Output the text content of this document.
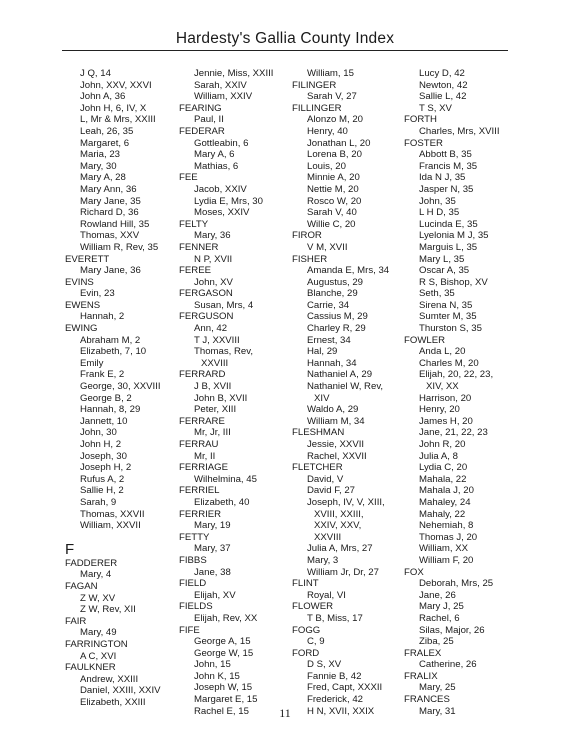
Hardesty's Gallia County Index
J Q, 14
John, XXV, XXVI
John A, 36
John H, 6, IV, X
L, Mr & Mrs, XXIII
Leah, 26, 35
Margaret, 6
Maria, 23
Mary, 30
Mary A, 28
Mary Ann, 36
Mary Jane, 35
Richard D, 36
Rowland Hill, 35
Thomas, XXV
William R, Rev, 35
EVERETT
Mary Jane, 36
EVINS
Evin, 23
EWENS
Hannah, 2
EWING
Abraham M, 2
Elizabeth, 7, 10
Emily
Frank E, 2
George, 30, XXVIII
George B, 2
Hannah, 8, 29
Jannett, 10
John, 30
John H, 2
Joseph, 30
Joseph H, 2
Rufus A, 2
Sallie H, 2
Sarah, 9
Thomas, XXVII
William, XXVII
F
FADDERER
Mary, 4
FAGAN
Z W, XV
Z W, Rev, XII
FAIR
Mary, 49
FARRINGTON
A C, XVI
FAULKNER
Andrew, XXIII
Daniel, XXIII, XXIV
Elizabeth, XXIII
Jennie, Miss, XXIII
Sarah, XXIV
William, XXIV
FEARING
Paul, II
FEDERAR
Gottleabin, 6
Mary A, 6
Mathias, 6
FEE
Jacob, XXIV
Lydia E, Mrs, 30
Moses, XXIV
FELTY
Mary, 36
FENNER
N P, XVII
FEREE
John, XV
FERGASON
Susan, Mrs, 4
FERGUSON
Ann, 42
T J, XXVIII
Thomas, Rev,
XXVIII
FERRARD
J B, XVII
John B, XVII
Peter, XIII
FERRARE
Mr, Jr, III
FERRAU
Mr, II
FERRIAGE
Wilhelmina, 45
FERRIEL
Elizabeth, 40
FERRIER
Mary, 19
FETTY
Mary, 37
FIBBS
Jane, 38
FIELD
Elijah, XV
FIELDS
Elijah, Rev, XX
FIFE
George A, 15
George W, 15
John, 15
John K, 15
Joseph W, 15
Margaret E, 15
Rachel E, 15
William, 15
FILINGER
Sarah V, 27
FILLINGER
Alonzo M, 20
Henry, 40
Jonathan L, 20
Lorena B, 20
Louis, 20
Minnie A, 20
Nettie M, 20
Rosco W, 20
Sarah V, 40
Willie C, 20
FIROR
V M, XVII
FISHER
Amanda E, Mrs, 34
Augustus, 29
Blanche, 29
Carrie, 34
Cassius M, 29
Charley R, 29
Ernest, 34
Hal, 29
Hannah, 34
Nathaniel A, 29
Nathaniel W, Rev,
XIV
Waldo A, 29
William M, 34
FLESHMAN
Jessie, XXVII
Rachel, XXVII
FLETCHER
David, V
David F, 27
Joseph, IV, V, XIII,
XVIII, XXIII,
XXIV, XXV,
XXVIII
Julia A, Mrs, 27
Mary, 3
William Jr, Dr, 27
FLINT
Royal, VI
FLOWER
T B, Miss, 17
FOGG
C, 9
FORD
D S, XV
Fannie B, 42
Fred, Capt, XXXII
Frederick, 42
H N, XVII, XXIX
Lucy D, 42
Newton, 42
Sallie L, 42
T S, XV
FORTH
Charles, Mrs, XVIII
FOSTER
Abbott B, 35
Francis M, 35
Ida N J, 35
Jasper N, 35
John, 35
L H D, 35
Lucinda E, 35
Lyelonia M J, 35
Marguis L, 35
Mary L, 35
Oscar A, 35
R S, Bishop, XV
Seth, 35
Sirena N, 35
Sumter M, 35
Thurston S, 35
FOWLER
Anda L, 20
Charles M, 20
Elijah, 20, 22, 23,
XIV, XX
Harrison, 20
Henry, 20
James H, 20
Jane, 21, 22, 23
John R, 20
Julia A, 8
Lydia C, 20
Mahala, 22
Mahala J, 20
Mahaley, 24
Mahaly, 22
Nehemiah, 8
Thomas J, 20
William, XX
William F, 20
FOX
Deborah, Mrs, 25
Jane, 26
Mary J, 25
Rachel, 6
Silas, Major, 26
Ziba, 25
FRALEX
Catherine, 26
FRALIX
Mary, 25
FRANCES
Mary, 31
11
